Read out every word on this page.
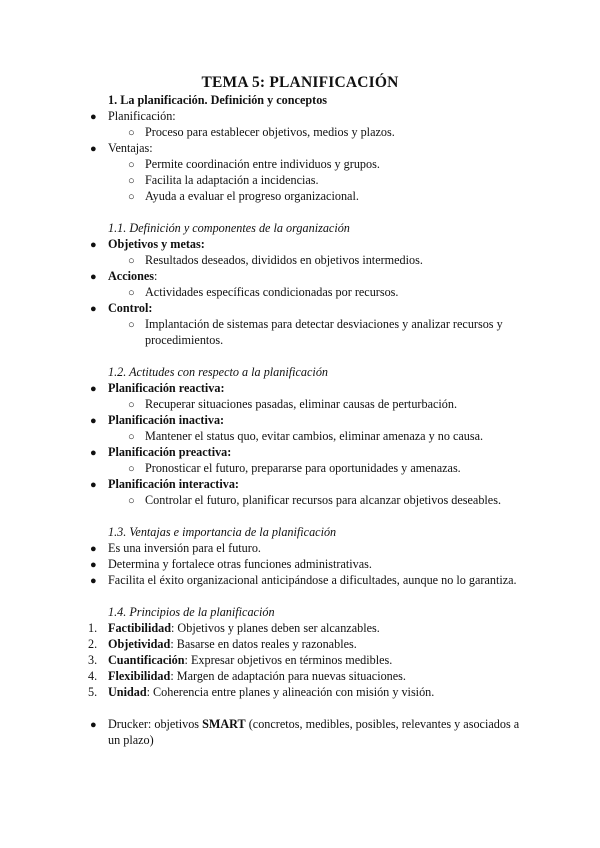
TEMA 5: PLANIFICACIÓN
1. La planificación. Definición y conceptos
● Planificación:
○ Proceso para establecer objetivos, medios y plazos.
● Ventajas:
○ Permite coordinación entre individuos y grupos.
○ Facilita la adaptación a incidencias.
○ Ayuda a evaluar el progreso organizacional.
1.1. Definición y componentes de la organización
● Objetivos y metas:
○ Resultados deseados, divididos en objetivos intermedios.
● Acciones:
○ Actividades específicas condicionadas por recursos.
● Control:
○ Implantación de sistemas para detectar desviaciones y analizar recursos y
procedimientos.
1.2. Actitudes con respecto a la planificación
● Planificación reactiva:
○ Recuperar situaciones pasadas, eliminar causas de perturbación.
● Planificación inactiva:
○ Mantener el status quo, evitar cambios, eliminar amenaza y no causa.
● Planificación preactiva:
○ Pronosticar el futuro, prepararse para oportunidades y amenazas.
● Planificación interactiva:
○ Controlar el futuro, planificar recursos para alcanzar objetivos deseables.
1.3. Ventajas e importancia de la planificación
● Es una inversión para el futuro.
● Determina y fortalece otras funciones administrativas.
● Facilita el éxito organizacional anticipándose a dificultades, aunque no lo garantiza.
1.4. Principios de la planificación
1. Factibilidad: Objetivos y planes deben ser alcanzables.
2. Objetividad: Basarse en datos reales y razonables.
3. Cuantificación: Expresar objetivos en términos medibles.
4. Flexibilidad: Margen de adaptación para nuevas situaciones.
5. Unidad: Coherencia entre planes y alineación con misión y visión.
● Drucker: objetivos SMART (concretos, medibles, posibles, relevantes y asociados a
un plazo)
